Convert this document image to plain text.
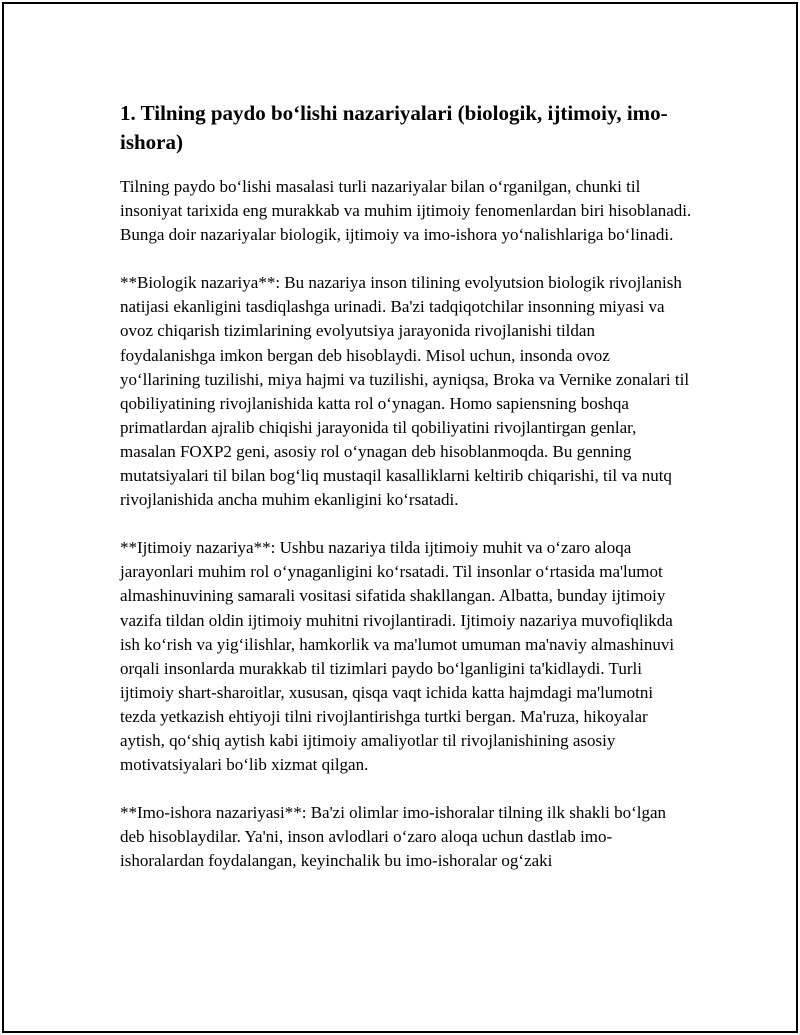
1. Tilning paydo bo‘lishi nazariyalari (biologik, ijtimoiy, imo-ishora)

Tilning paydo bo‘lishi masalasi turli nazariyalar bilan o‘rganilgan, chunki til insoniyat tarixida eng murakkab va muhim ijtimoiy fenomenlardan biri hisoblanadi. Bunga doir nazariyalar biologik, ijtimoiy va imo-ishora yo‘nalishlariga bo‘linadi.

**Biologik nazariya**: Bu nazariya inson tilining evolyutsion biologik rivojlanish natijasi ekanligini tasdiqlashga urinadi. Ba'zi tadqiqotchilar insonning miyasi va ovoz chiqarish tizimlarining evolyutsiya jarayonida rivojlanishi tildan foydalanishga imkon bergan deb hisoblaydi. Misol uchun, insonda ovoz yo‘llarining tuzilishi, miya hajmi va tuzilishi, ayniqsa, Broka va Vernike zonalari til qobiliyatining rivojlanishida katta rol o‘ynagan. Homo sapiensning boshqa primatlardan ajralib chiqishi jarayonida til qobiliyatini rivojlantirgan genlar, masalan FOXP2 geni, asosiy rol o‘ynagan deb hisoblanmoqda. Bu genning mutatsiyalari til bilan bog‘liq mustaqil kasalliklarni keltirib chiqarishi, til va nutq rivojlanishida ancha muhim ekanligini ko‘rsatadi.

**Ijtimoiy nazariya**: Ushbu nazariya tilda ijtimoiy muhit va o‘zaro aloqa jarayonlari muhim rol o‘ynaganligini ko‘rsatadi. Til insonlar o‘rtasida ma'lumot almashinuvining samarali vositasi sifatida shakllangan. Albatta, bunday ijtimoiy vazifa tildan oldin ijtimoiy muhitni rivojlantiradi. Ijtimoiy nazariya muvofiqlikda ish ko‘rish va yig‘ilishlar, hamkorlik va ma'lumot umuman ma'naviy almashinuvi orqali insonlarda murakkab til tizimlari paydo bo‘lganligini ta'kidlaydi. Turli ijtimoiy shart-sharoitlar, xususan, qisqa vaqt ichida katta hajmdagi ma'lumotni tezda yetkazish ehtiyoji tilni rivojlantirishga turtki bergan. Ma'ruza, hikoyalar aytish, qo‘shiq aytish kabi ijtimoiy amaliyotlar til rivojlanishining asosiy motivatsiyalari bo‘lib xizmat qilgan.

**Imo-ishora nazariyasi**: Ba'zi olimlar imo-ishoralar tilning ilk shakli bo‘lgan deb hisoblaydilar. Ya'ni, inson avlodlari o‘zaro aloqa uchun dastlab imo-ishoralardan foydalangan, keyinchalik bu imo-ishoralar og‘zaki
